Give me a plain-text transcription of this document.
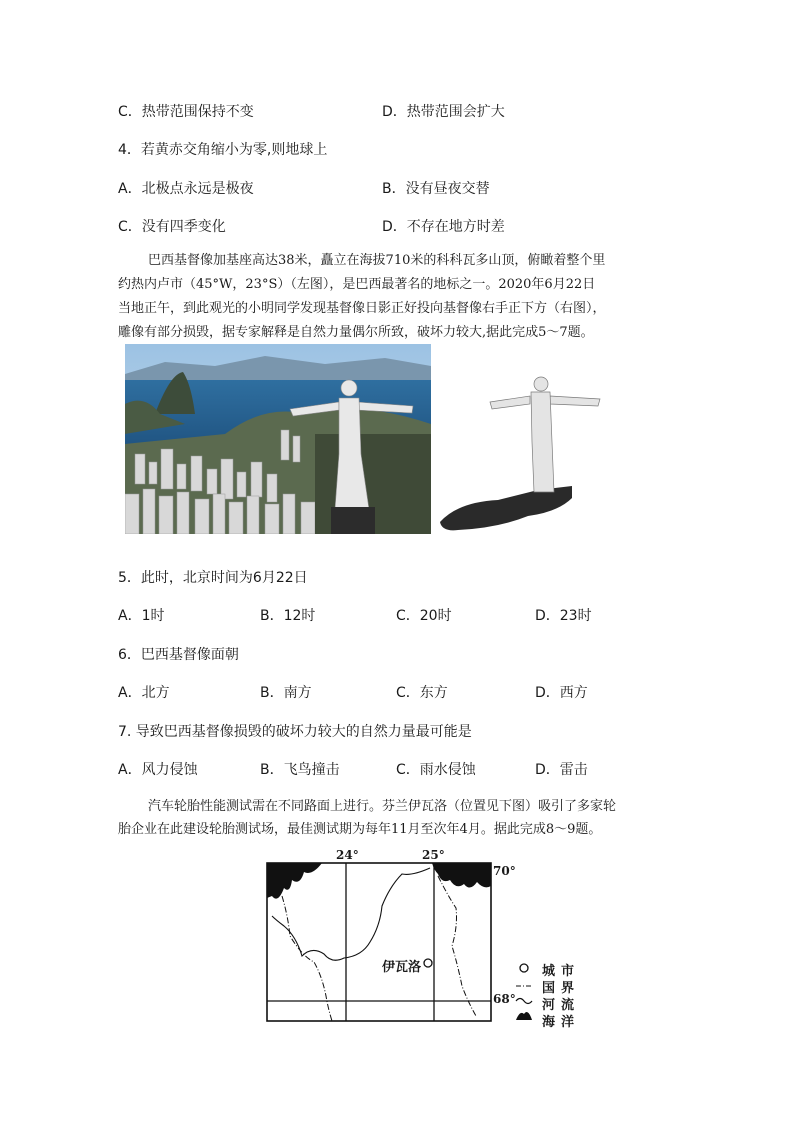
C．热带范围保持不变	D．热带范围会扩大
4．若黄赤交角缩小为零,则地球上
A．北极点永远是极夜	B．没有昼夜交替
C．没有四季变化	D．不存在地方时差
巴西基督像加基座高达38米，矗立在海拔710米的科科瓦多山顶，俯瞰着整个里
约热内卢市（45°W，23°S）（左图），是巴西最著名的地标之一。2020年6月22日
当地正午，到此观光的小明同学发现基督像日影正好投向基督像右手正下方（右图），
雕像有部分损毁，据专家解释是自然力量偶尔所致，破坏力较大,据此完成5～7题。
5．此时，北京时间为6月22日
A．1时	B．12时	C．20时	D．23时
6．巴西基督像面朝
A．北方	B．南方	C．东方	D．西方
7. 导致巴西基督像损毁的破坏力较大的自然力量最可能是
A．风力侵蚀	B．飞鸟撞击	C．雨水侵蚀	D．雷击
汽车轮胎性能测试需在不同路面上进行。芬兰伊瓦洛（位置见下图）吸引了多家轮
胎企业在此建设轮胎测试场，最佳测试期为每年11月至次年4月。据此完成8～9题。
24°	25°
70°
68°
伊瓦洛	城市
国界
河流
海洋
